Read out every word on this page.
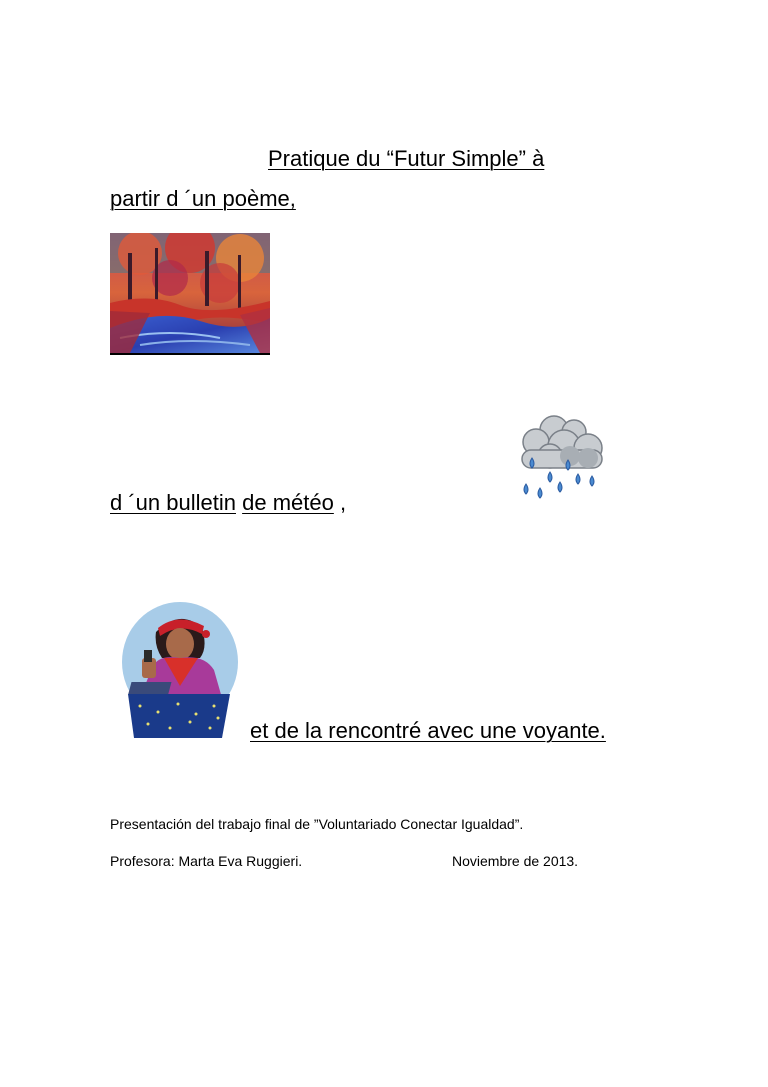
Pratique du “Futur Simple” à
partir d ´un poème,
d ´un bulletin de météo ,
et de la rencontré avec une voyante.
Presentación del trabajo final de ”Voluntariado Conectar Igualdad”.
Profesora: Marta Eva Ruggieri.	Noviembre de 2013.
